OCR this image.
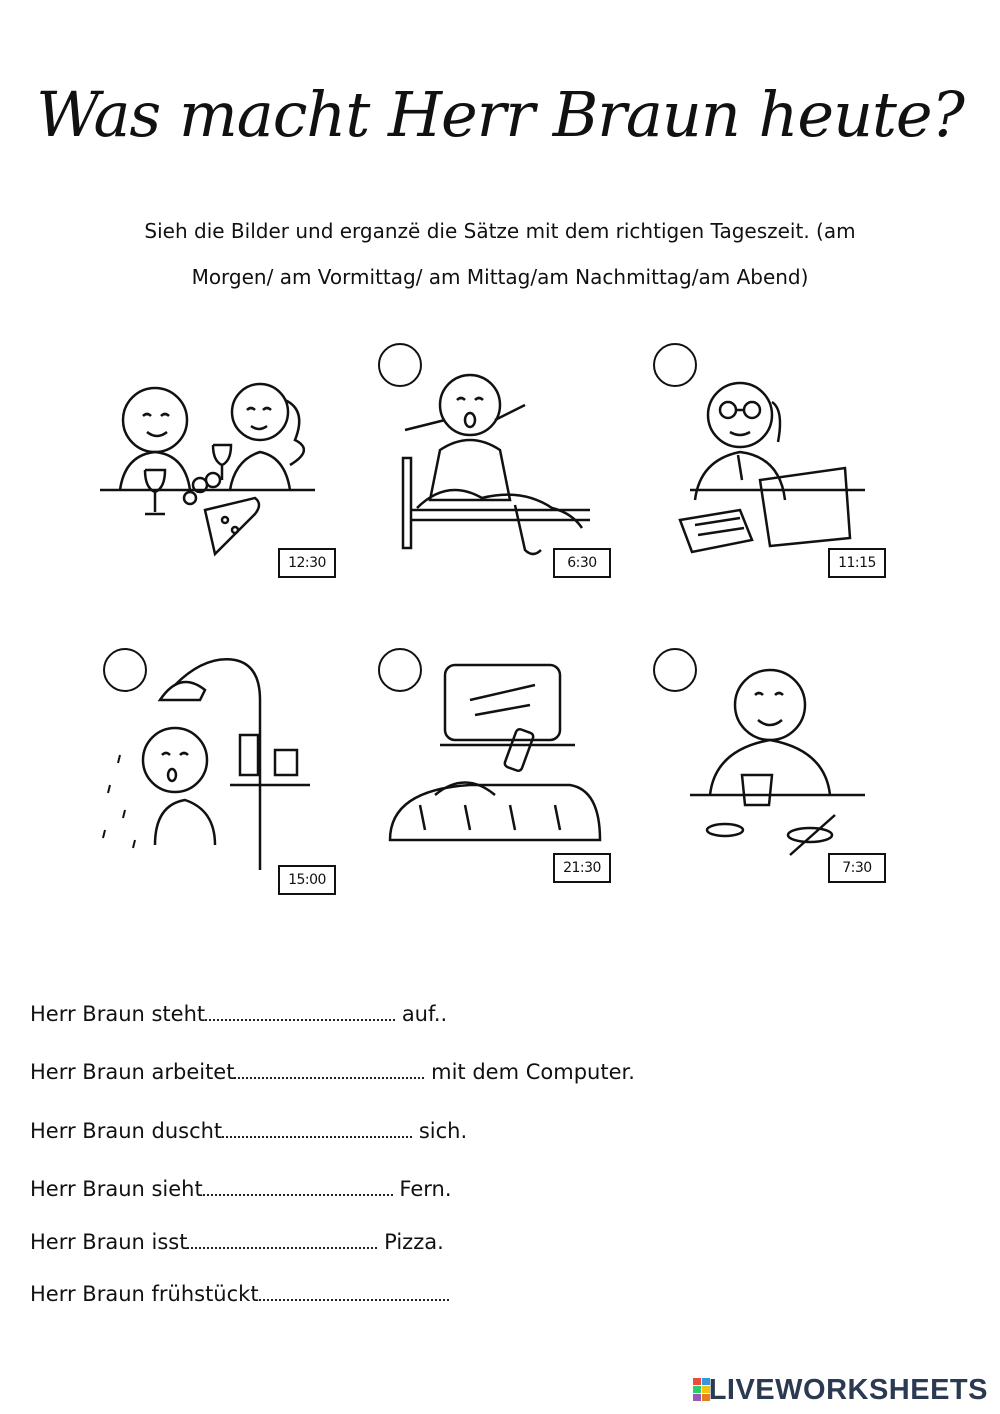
Was macht Herr Braun heute?
Sieh die Bilder und erganzë die Sätze mit dem richtigen Tageszeit. (am
Morgen/ am Vormittag/ am Mittag/am Nachmittag/am Abend)
12:30	6:30	11:15
15:00
21:30	7:30
Herr Braun steht	auf..
Herr Braun arbeitet	mit dem Computer.
Herr Braun duscht	sich.
Herr Braun sieht	Fern.
Herr Braun isst	Pizza.
Herr Braun frühstückt
LIVEWORKSHEETS
